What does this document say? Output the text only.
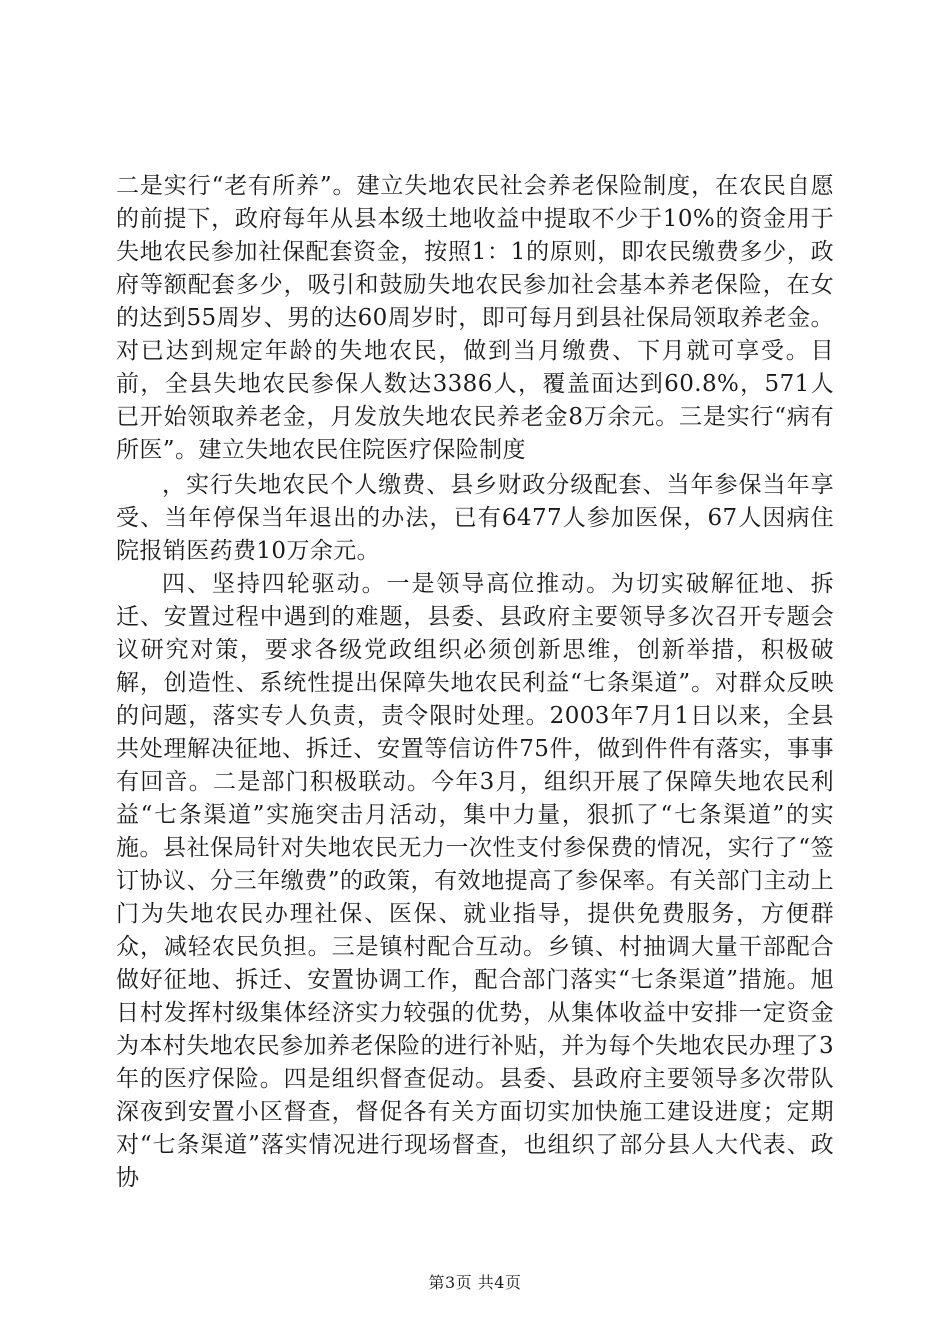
二是实行“老有所养”。建立失地农民社会养老保险制度，在农民自愿的前提下，政府每年从县本级土地收益中提取不少于10%的资金用于失地农民参加社保配套资金，按照1：1的原则，即农民缴费多少，政府等额配套多少，吸引和鼓励失地农民参加社会基本养老保险，在女的达到55周岁、男的达60周岁时，即可每月到县社保局领取养老金。对已达到规定年龄的失地农民，做到当月缴费、下月就可享受。目前，全县失地农民参保人数达3386人，覆盖面达到60.8%，571人已开始领取养老金，月发放失地农民养老金8万余元。三是实行“病有所医”。建立失地农民住院医疗保险制度

，实行失地农民个人缴费、县乡财政分级配套、当年参保当年享受、当年停保当年退出的办法，已有6477人参加医保，67人因病住院报销医药费10万余元。

四、坚持四轮驱动。一是领导高位推动。为切实破解征地、拆迁、安置过程中遇到的难题，县委、县政府主要领导多次召开专题会议研究对策，要求各级党政组织必须创新思维，创新举措，积极破解，创造性、系统性提出保障失地农民利益“七条渠道”。对群众反映的问题，落实专人负责，责令限时处理。2003年7月1日以来，全县共处理解决征地、拆迁、安置等信访件75件，做到件件有落实，事事有回音。二是部门积极联动。今年3月，组织开展了保障失地农民利益“七条渠道”实施突击月活动，集中力量，狠抓了“七条渠道”的实施。县社保局针对失地农民无力一次性支付参保费的情况，实行了“签订协议、分三年缴费”的政策，有效地提高了参保率。有关部门主动上门为失地农民办理社保、医保、就业指导，提供免费服务，方便群众，减轻农民负担。三是镇村配合互动。乡镇、村抽调大量干部配合做好征地、拆迁、安置协调工作，配合部门落实“七条渠道”措施。旭日村发挥村级集体经济实力较强的优势，从集体收益中安排一定资金为本村失地农民参加养老保险的进行补贴，并为每个失地农民办理了3年的医疗保险。四是组织督查促动。县委、县政府主要领导多次带队深夜到安置小区督查，督促各有关方面切实加快施工建设进度；定期对“七条渠道”落实情况进行现场督查，也组织了部分县人大代表、政协

第3页 共4页
